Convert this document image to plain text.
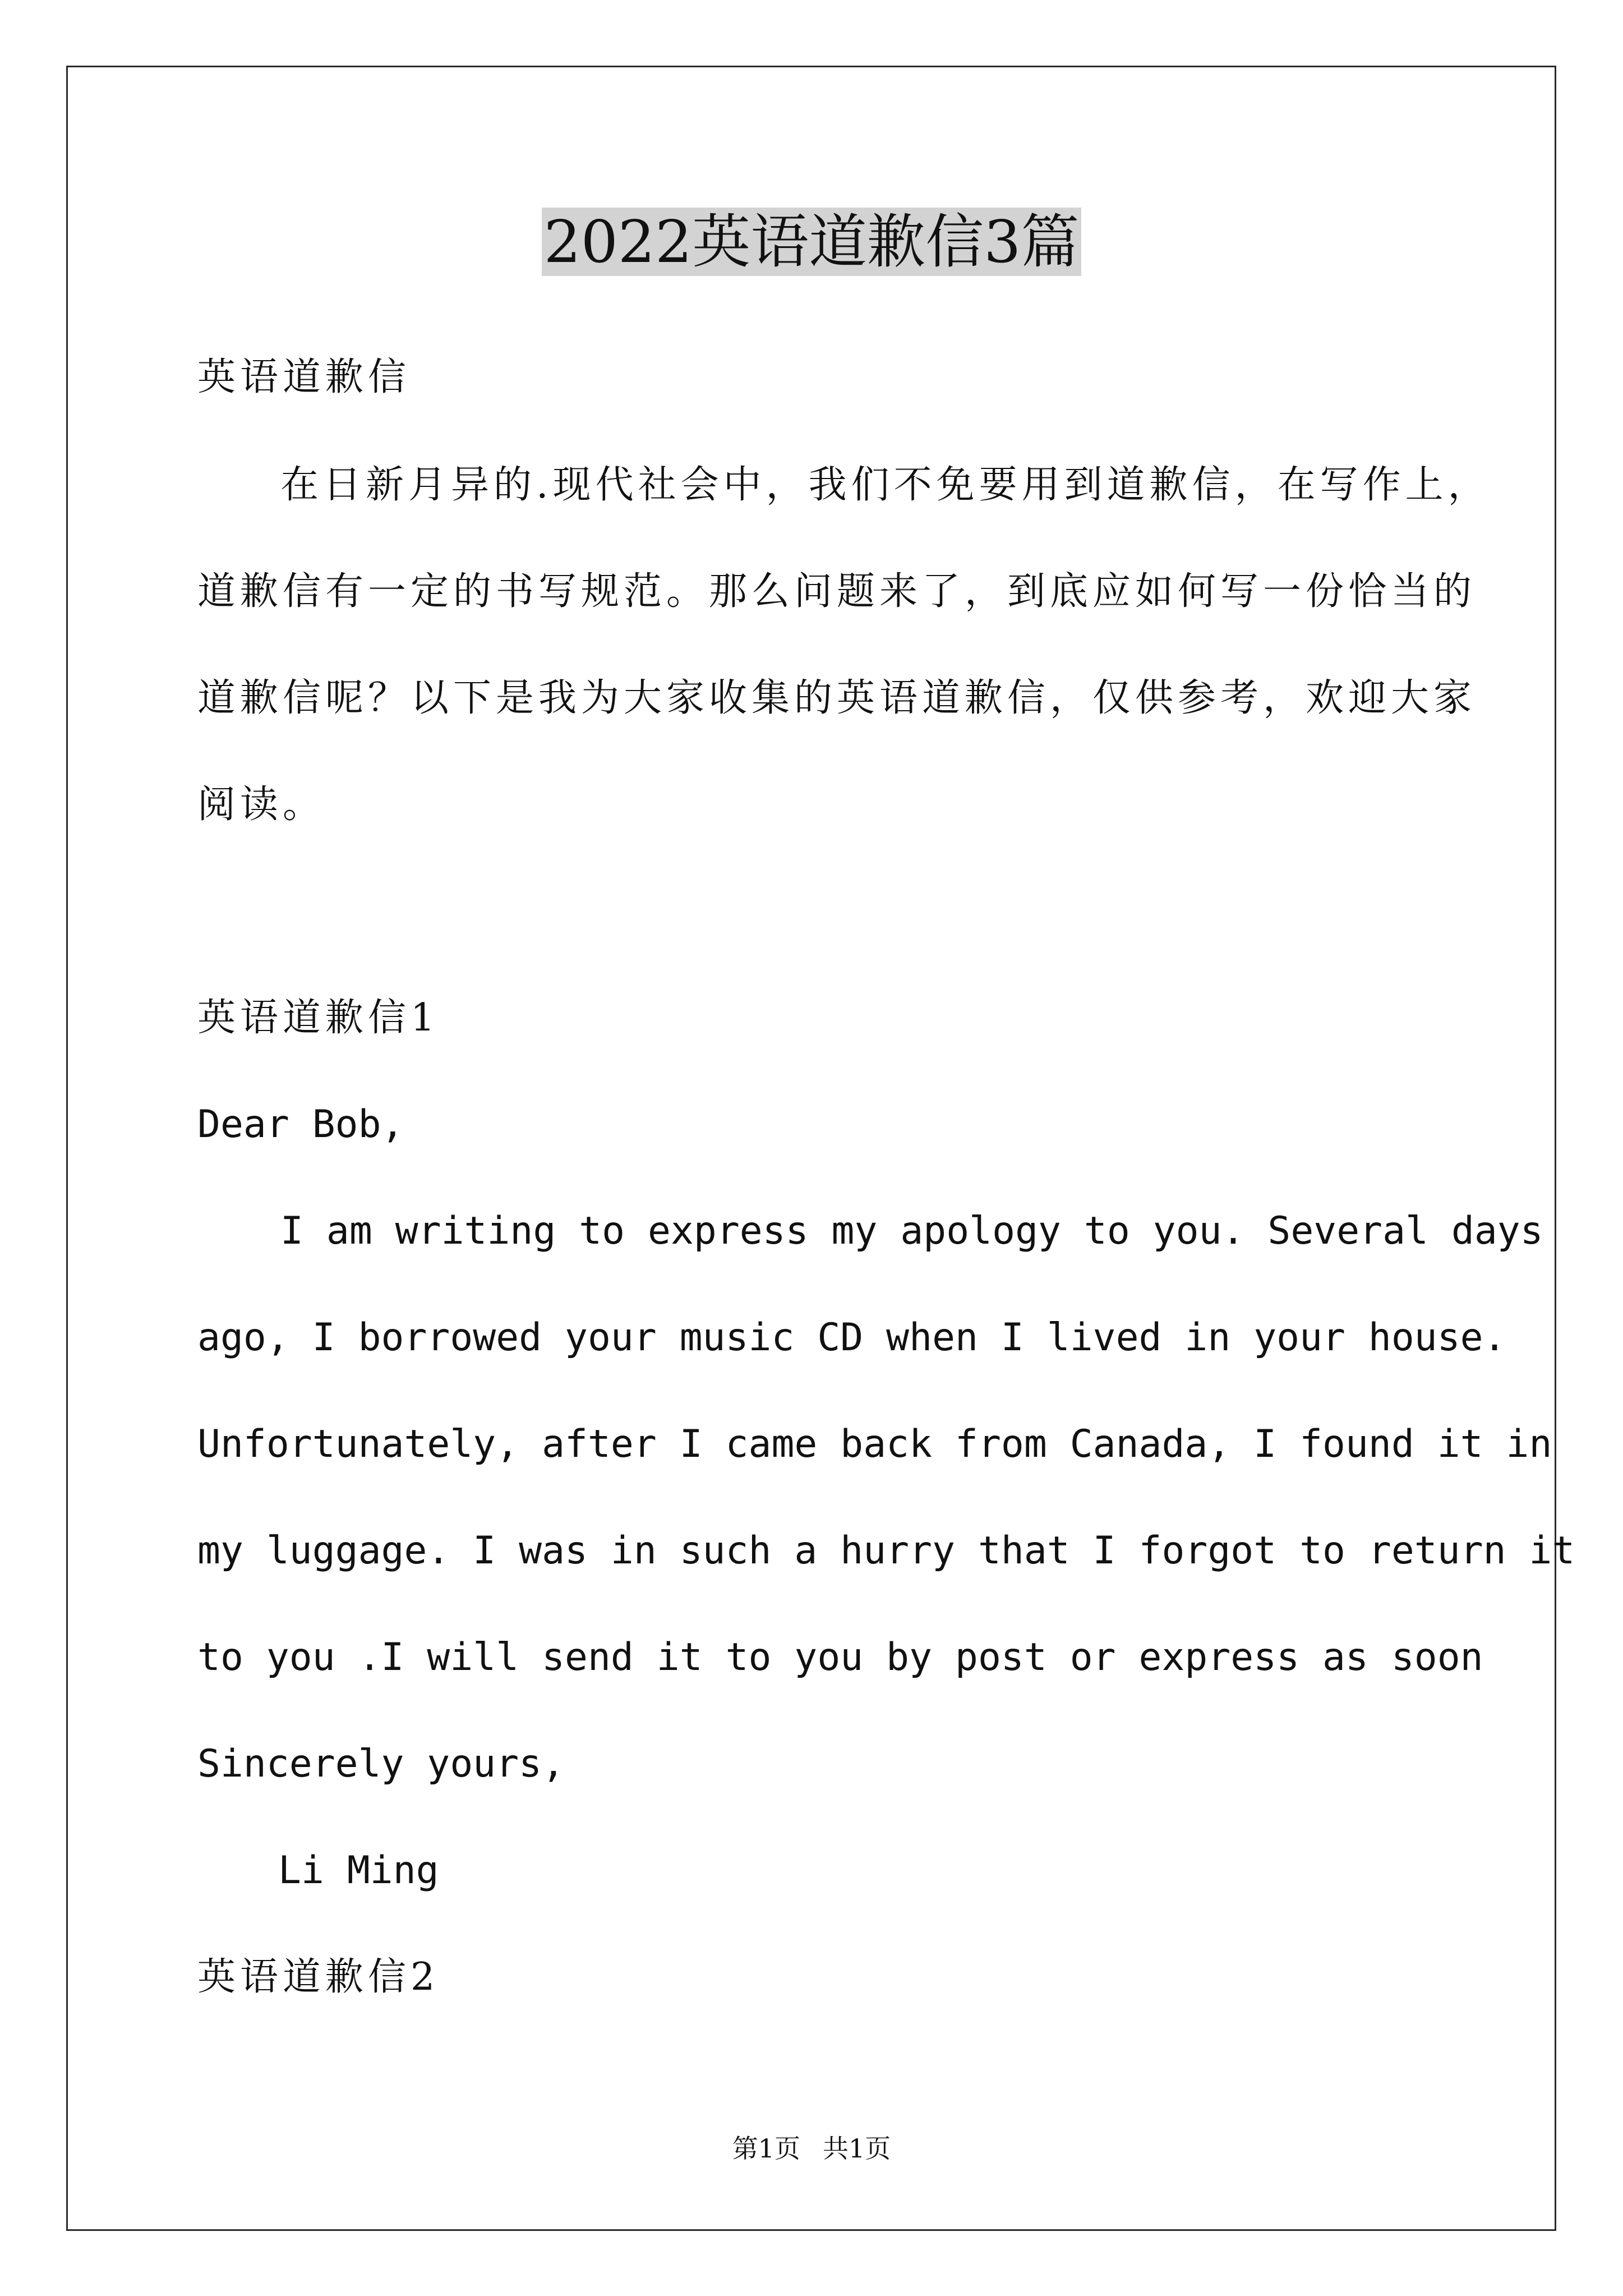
2022英语道歉信3篇
英语道歉信
在日新月异的.现代社会中，我们不免要用到道歉信，在写作上，
道歉信有一定的书写规范。那么问题来了，到底应如何写一份恰当的
道歉信呢？以下是我为大家收集的英语道歉信，仅供参考，欢迎大家
阅读。
英语道歉信1
Dear Bob,
I am writing to express my apology to you. Several days
ago, I borrowed your music CD when I lived in your house.
Unfortunately, after I came back from Canada, I found it in
my luggage. I was in such a hurry that I forgot to return it
to you .I will send it to you by post or express as soon
Sincerely yours,
Li Ming
英语道歉信2
第1页 共1页
